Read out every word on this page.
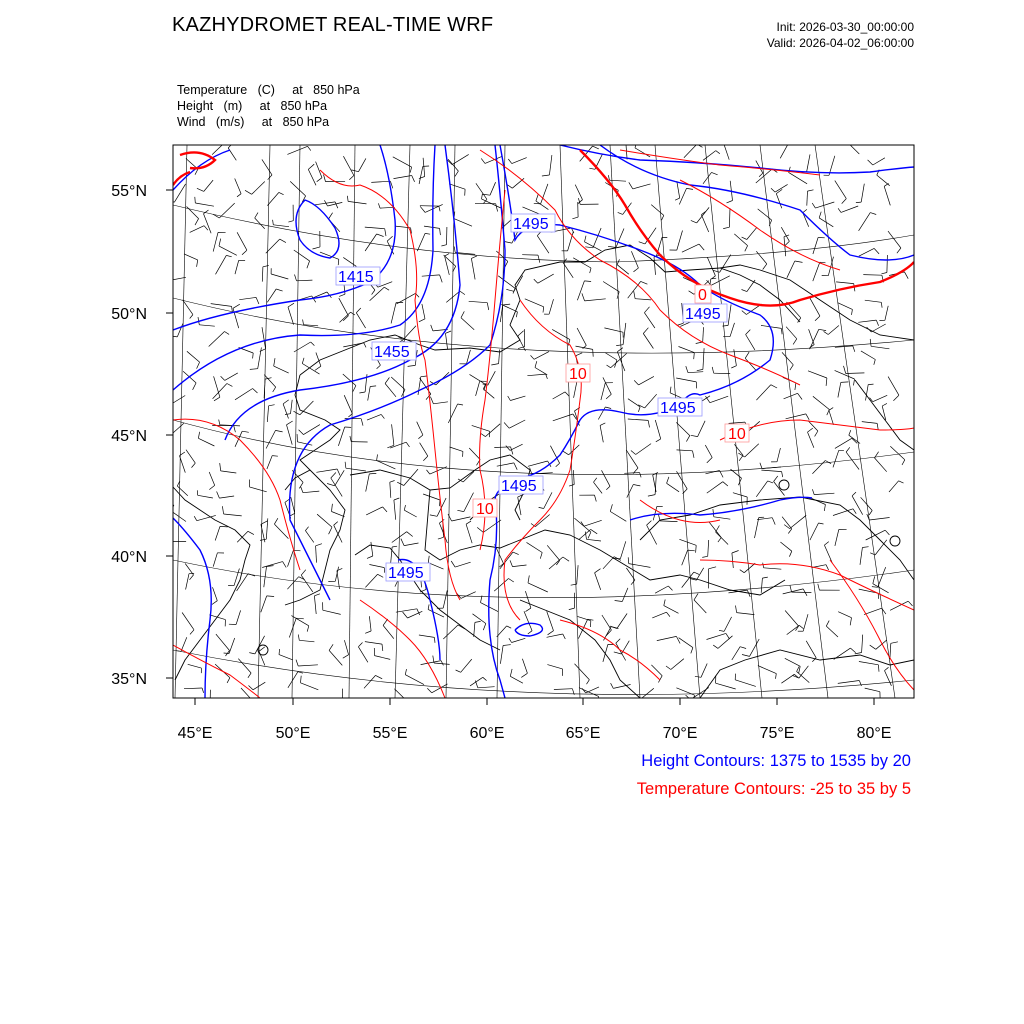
KAZHYDROMET REAL-TIME WRF	Init: 2026-03-30_00:00:00
Valid: 2026-04-02_06:00:00
Temperature   (C)     at   850 hPa
Height   (m)     at   850 hPa
Wind   (m/s)     at   850 hPa
55°N
50°N
45°N
40°N
35°N
45°E	50°E	55°E	60°E	65°E	70°E	75°E	80°E
1495
1415
1455
1495
1495
1495
1495
0
10
10
10
Height Contours: 1375 to 1535 by 20
Temperature Contours: -25 to 35 by 5
